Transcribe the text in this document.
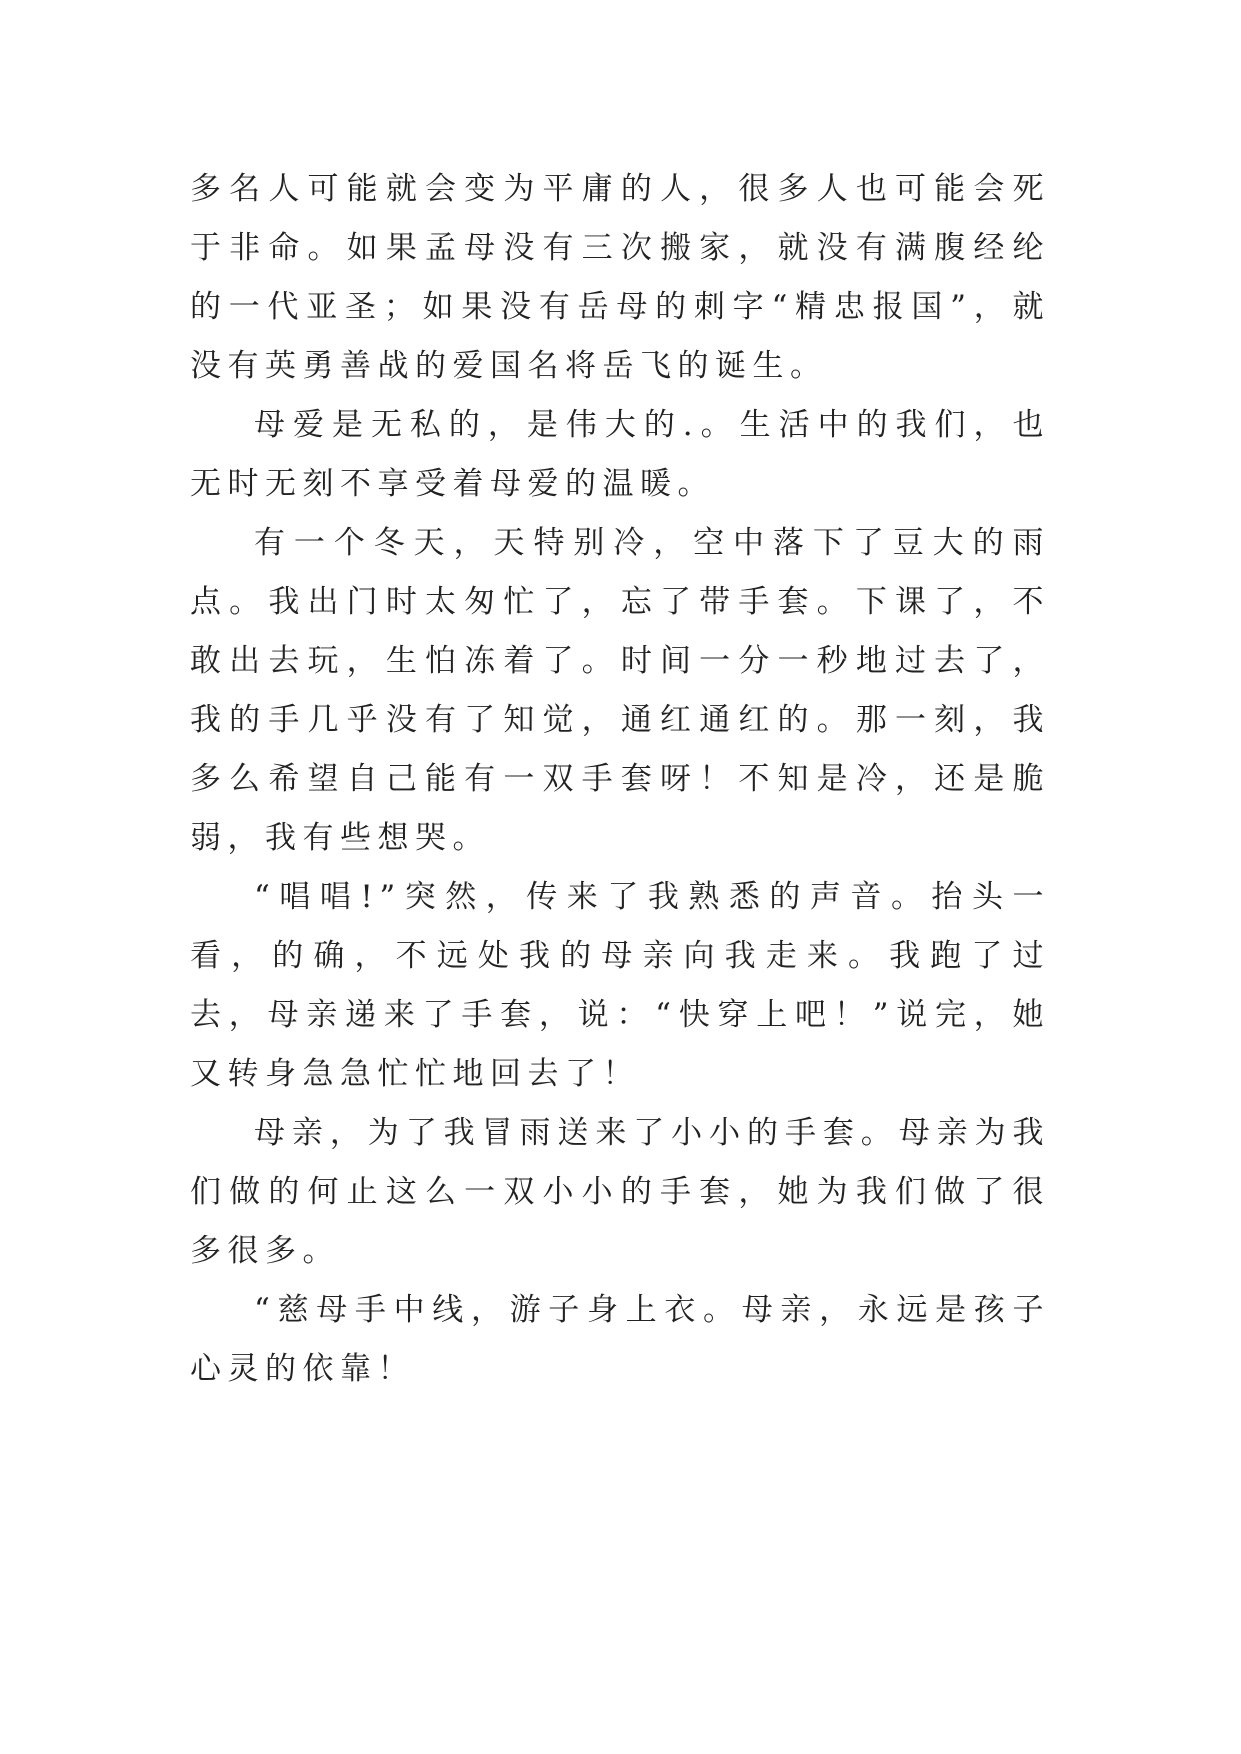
多名人可能就会变为平庸的人，很多人也可能会死于非命。如果孟母没有三次搬家，就没有满腹经纶的一代亚圣；如果没有岳母的刺字“精忠报国”，就没有英勇善战的爱国名将岳飞的诞生。

母爱是无私的，是伟大的.。生活中的我们，也无时无刻不享受着母爱的温暖。

有一个冬天，天特别冷，空中落下了豆大的雨点。我出门时太匆忙了，忘了带手套。下课了，不敢出去玩，生怕冻着了。时间一分一秒地过去了，我的手几乎没有了知觉，通红通红的。那一刻，我多么希望自己能有一双手套呀！不知是冷，还是脆弱，我有些想哭。

“唱唱!”突然，传来了我熟悉的声音。抬头一看，的确，不远处我的母亲向我走来。我跑了过去，母亲递来了手套，说：“快穿上吧！”说完，她又转身急急忙忙地回去了！

母亲，为了我冒雨送来了小小的手套。母亲为我们做的何止这么一双小小的手套，她为我们做了很多很多。

“慈母手中线，游子身上衣。母亲，永远是孩子心灵的依靠！
